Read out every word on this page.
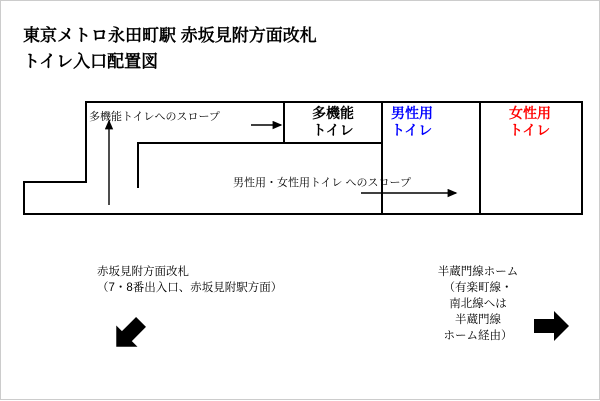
東京メトロ永田町駅 赤坂見附方面改札
トイレ入口配置図
多機能
トイレ
男性用
トイレ
女性用
トイレ
多機能トイレへのスロープ
男性用・女性用トイレ へのスロープ
赤坂見附方面改札
（7・8番出入口、赤坂見附駅方面）
半蔵門線ホーム
（有楽町線・
南北線へは
半蔵門線
ホーム経由）
